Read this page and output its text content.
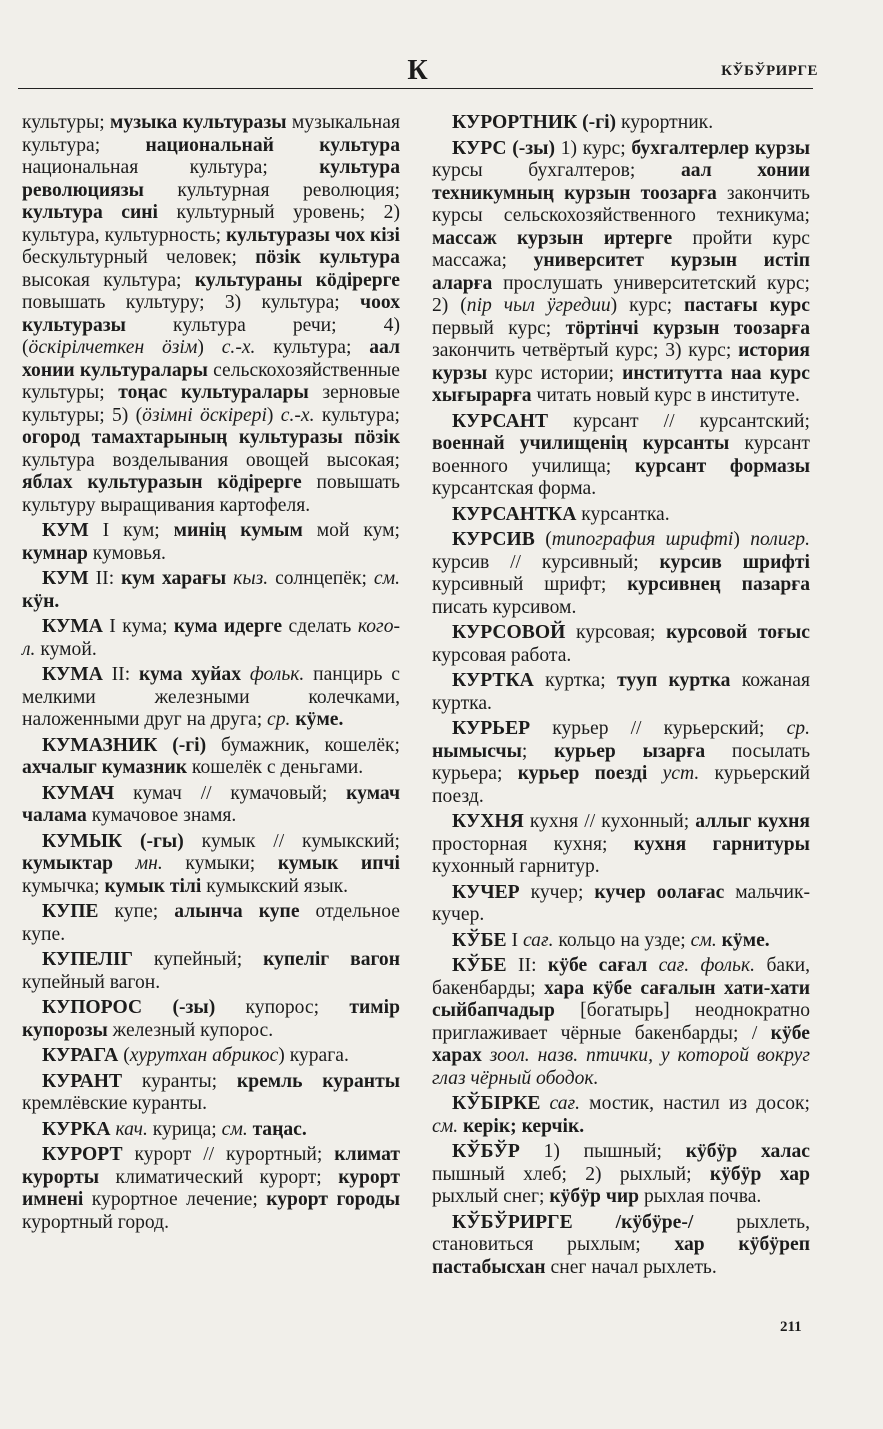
К	КЎБЎРИРГЕ

культуры; музыка культуразы музыкальная культура; национальнай культура национальная культура; культура революциязы культурная революция; культура сині культурный уровень; 2) культура, культурность; культуразы чох кізі бескультурный человек; пöзік культура высокая культура; культураны кöдірерге повышать культуру; 3) культура; чоох культуразы культура речи; 4) (öскірілчеткен öзім) с.-х. культура; аал хонии культуралары сельскохозяйственные культуры; тоңас культуралары зерновые культуры; 5) (öзімні öскірері) с.-х. культура; огород тамахтарының культуразы пöзік культура возделывания овощей высокая; яблах культуразын кöдірерге повышать культуру выращивания картофеля.

КУМ I кум; минің кумым мой кум; кумнар кумовья.

КУМ II: кум харағы кыз. солнцепёк; см. кÿн.

КУМА I кума; кума идерге сделать кого-л. кумой.

КУМА II: кума хуйах фольк. панцирь с мелкими железными колечками, наложенными друг на друга; ср. кÿме.

КУМАЗНИК (-гі) бумажник, кошелёк; ахчалыг кумазник кошелёк с деньгами.

КУМАЧ кумач // кумачовый; кумач чалама кумачовое знамя.

КУМЫК (-гы) кумык // кумыкский; кумыктар мн. кумыки; кумык ипчі кумычка; кумык тілі кумыкский язык.

КУПЕ купе; алынча купе отдельное купе.

КУПЕЛІГ купейный; купеліг вагон купейный вагон.

КУПОРОС (-зы) купорос; тимір купорозы железный купорос.

КУРАГА (хурутхан абрикос) курага.

КУРАНТ куранты; кремль куранты кремлёвские куранты.

КУРКА кач. курица; см. тaңас.

КУРОРТ курорт // курортный; климат курорты климатический курорт; курорт имнені курортное лечение; курорт городы курортный город.

КУРОРТНИК (-гі) курортник.

КУРС (-зы) 1) курс; бухгалтерлер курзы курсы бухгалтеров; аал хонии техникумның курзын тоозарға закончить курсы сельскохозяйственного техникума; массаж курзын иртерге пройти курс массажа; университет курзын истіп аларға прослушать университетский курс; 2) (пір чыл ÿгредии) курс; пастағы курс первый курс; тöртінчі курзын тоозарға закончить четвёртый курс; 3) курс; история курзы курс истории; институтта наа курс хығырарға читать новый курс в институте.

КУРСАНТ курсант // курсантский; военнай училищенің курсанты курсант военного училища; курсант формазы курсантская форма.

КУРСАНТКА курсантка.

КУРСИВ (типография шрифті) полигр. курсив // курсивный; курсив шрифті курсивный шрифт; курсивнең пазарға писать курсивом.

КУРСОВОЙ курсовая; курсовой тоғыс курсовая работа.

КУРТКА куртка; тууп куртка кожаная куртка.

КУРЬЕР курьер // курьерский; ср. нымысчы; курьер ызарға посылать курьера; курьер поезді уст. курьерский поезд.

КУХНЯ кухня // кухонный; аллыг кухня просторная кухня; кухня гарнитуры кухонный гарнитур.

КУЧЕР кучер; кучер оолағас мальчик-кучер.

КЎБЕ I сағ. кольцо на узде; см. кÿме.

КЎБЕ II: кÿбе сағал сағ. фольк. баки, бакенбарды; хара кÿбе сағалын хати-хати сыйбапчадыр [богатырь] неоднократно приглаживает чёрные бакенбарды; / кÿбе харах зоол. назв. птички, у которой вокруг глаз чёрный ободок.

КЎБІРКЕ сағ. мостик, настил из досок; см. керік; керчік.

КЎБЎР 1) пышный; кÿбÿр халас пышный хлеб; 2) рыхлый; кÿбÿр хар рыхлый снег; кÿбÿр чир рыхлая почва.

КЎБЎРИРГЕ /кÿбÿре-/ рыхлеть, становиться рыхлым; хар кÿбÿреп пастабысхан снег начал рыхлеть.

211
